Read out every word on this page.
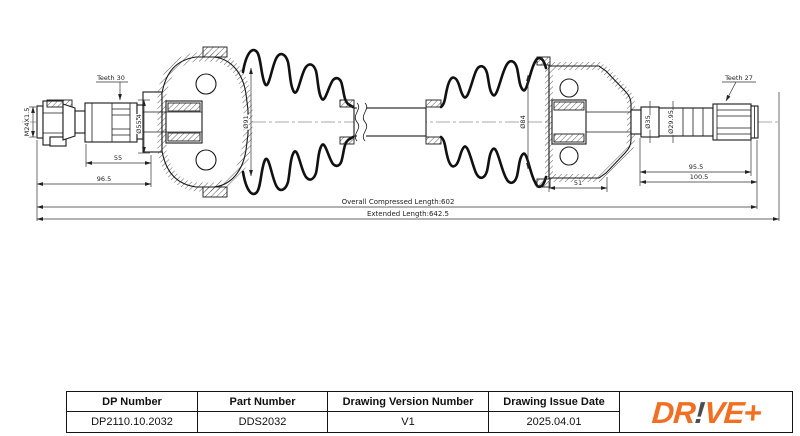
M24X1.5
Teeth 30
Ø55.4	Ø91	Ø84	Ø35 Ø29.95
Teeth 27
55
96.5	51
95.5
100.5
Overall Compressed Length:602
Extended Length:642.5
DP Number	Part Number	Drawing Version Number	Drawing Issue Date	DR!VE+
DP2110.10.2032	DDS2032	V1	2025.04.01
